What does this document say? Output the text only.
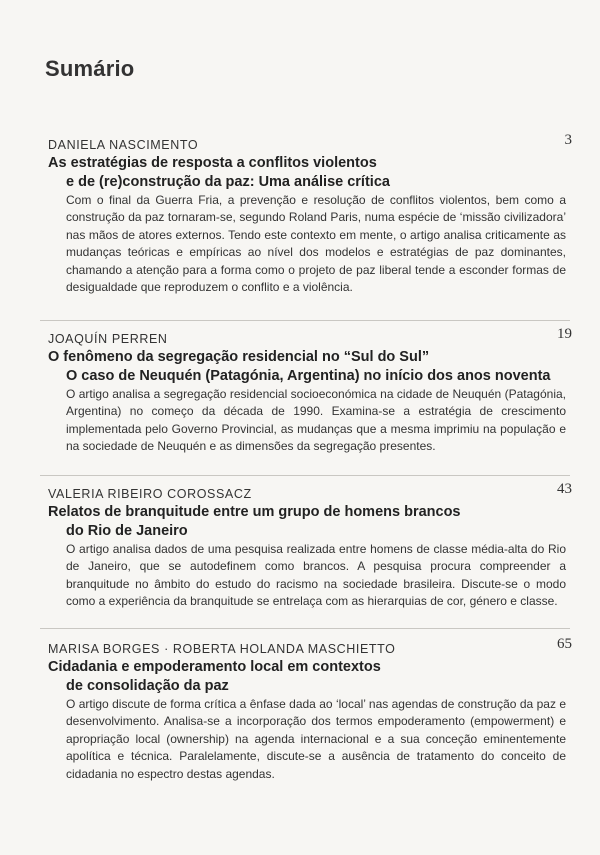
Sumário
DANIELA NASCIMENTO	3

As estratégias de resposta a conflitos violentos

e de (re)construção da paz: Uma análise crítica

Com o final da Guerra Fria, a prevenção e resolução de conflitos violentos, bem como a construção da paz tornaram-se, segundo Roland Paris, numa espécie de ‘missão civilizadora’ nas mãos de atores externos. Tendo este contexto em mente, o artigo analisa criticamente as mudanças teóricas e empíricas ao nível dos modelos e estratégias de paz dominantes, chamando a atenção para a forma como o projeto de paz liberal tende a esconder formas de desigualdade que reproduzem o conflito e a violência.

JOAQUÍN PERREN	19

O fenômeno da segregação residencial no “Sul do Sul”

O caso de Neuquén (Patagónia, Argentina) no início dos anos noventa

O artigo analisa a segregação residencial socioeconómica na cidade de Neuquén (Patagónia, Argentina) no começo da década de 1990. Examina-se a estratégia de crescimento implementada pelo Governo Provincial, as mudanças que a mesma imprimiu na população e na sociedade de Neuquén e as dimensões da segregação presentes.

VALERIA RIBEIRO COROSSACZ	43

Relatos de branquitude entre um grupo de homens brancos

do Rio de Janeiro

O artigo analisa dados de uma pesquisa realizada entre homens de classe média-alta do Rio de Janeiro, que se autodefinem como brancos. A pesquisa procura compreender a branquitude no âmbito do estudo do racismo na sociedade brasileira. Discute-se o modo como a experiência da branquitude se entrelaça com as hierarquias de cor, género e classe.

MARISA BORGES · ROBERTA HOLANDA MASCHIETTO	65

Cidadania e empoderamento local em contextos

de consolidação da paz

O artigo discute de forma crítica a ênfase dada ao ‘local’ nas agendas de construção da paz e desenvolvimento. Analisa-se a incorporação dos termos empoderamento (empowerment) e apropriação local (ownership) na agenda internacional e a sua conceção eminentemente apolítica e técnica. Paralelamente, discute-se a ausência de tratamento do conceito de cidadania no espectro destas agendas.
